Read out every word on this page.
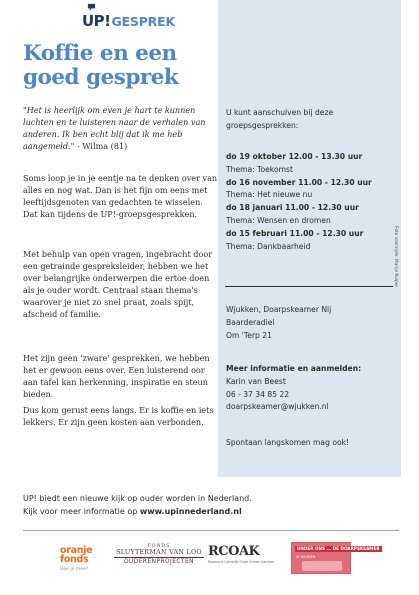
UP! GESPREK
Koffie en een
goed gesprek

"Het is heerlijk om even je hart te kunnen luchten en te luisteren naar de verhalen van anderen. Ik ben echt blij dat ik me heb aangemeld." - Wilma (81)

Soms loop je in je eentje na te denken over van alles en nog wat. Dan is het fijn om eens met leeftijdsgenoten van gedachten te wisselen. Dat kan tijdens de UP!-groepsgesprekken.

Met behulp van open vragen, ingebracht door een getrainde gespreksleider, hebben we het over belangrijke onderwerpen die ertoe doen als je ouder wordt. Centraal staan thema's waarover je niet zo snel praat, zoals spijt, afscheid of familie.

Het zijn geen 'zware' gesprekken, we hebben het er gewoon eens over. Een luisterend oor aan tafel kan herkenning, inspiratie en steun bieden.

Dus kom gerust eens langs. Er is koffie en iets lekkers. Er zijn geen kosten aan verbonden.

U kunt aanschuiven bij deze groepsgesprekken:

do 19 oktober 12.00 - 13.30 uur
Thema: Toekomst
do 16 november 11.00 - 12.30 uur
Thema: Het nieuwe nu
do 18 januari 11.00 - 12.30 uur
Thema: Wensen en dromen
do 15 februari 11.00 - 12.30 uur
Thema: Dankbaarheid
Wjukken, Doarpskeamer Nij
Baarderadiel
Om 'Terp 21
Meer informatie en aanmelden:
Karin van Beest
06 - 37 34 85 22
doarpskeamer@wjukken.nl

Spontaan langskomen mag ook!

Foto voorzijde: Marije Kuiper
UP! biedt een nieuwe kijk op ouder worden in Nederland.
Kijk voor meer informatie op www.upinnederland.nl
oranje
fonds
Doe je mee?
FONDS
SLUYTERMAN VAN LOO
OUDERENPROJECTEN
RCOAK
Roomsch Catholijk Oude Armen Kantoor
UNDER ONS ... DE DOARPSKEAMER
IN WJUKKEN
